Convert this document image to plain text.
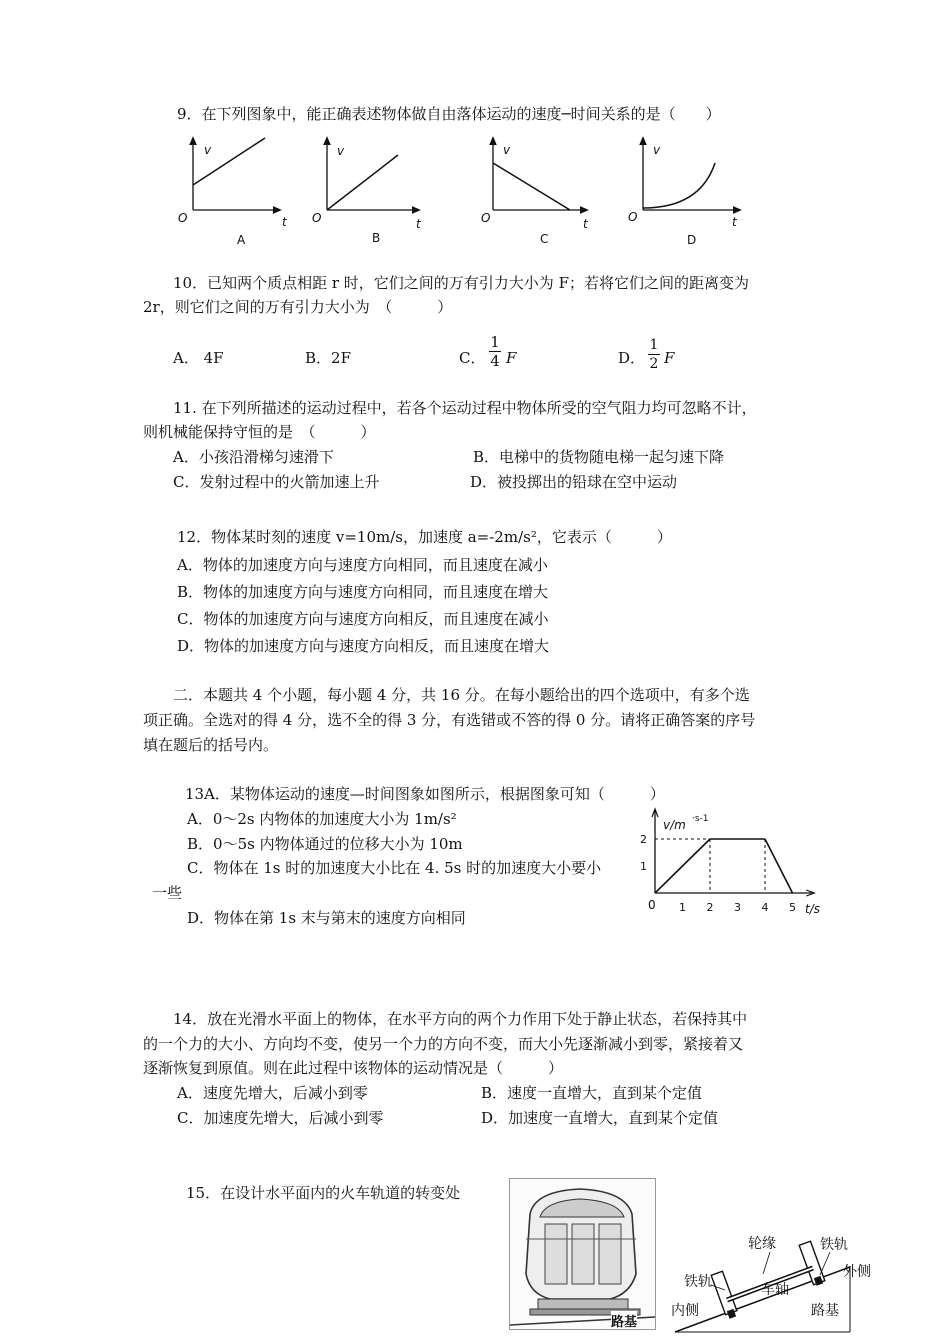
9．在下列图象中，能正确表述物体做自由落体运动的速度─时间关系的是（　　）
v
O	t
A
v
O	t
B
v
O	t
C
v
O	t
D
10．已知两个质点相距 r 时，它们之间的万有引力大小为 F；若将它们之间的距离变为
2r，则它们之间的万有引力大小为　（　　　）
A． 4F	B．2F	C．
1
4 F	D．
1
2 F
11. 在下列所描述的运动过程中，若各个运动过程中物体所受的空气阻力均可忽略不计，
则机械能保持守恒的是　（　　　）
A．小孩沿滑梯匀速滑下	B．电梯中的货物随电梯一起匀速下降
C．发射过程中的火箭加速上升	D．被投掷出的铅球在空中运动
12．物体某时刻的速度 v=10m/s，加速度 a=-2m/s²，它表示（　　　）
A．物体的加速度方向与速度方向相同，而且速度在减小
B．物体的加速度方向与速度方向相同，而且速度在增大
C．物体的加速度方向与速度方向相反，而且速度在减小
D．物体的加速度方向与速度方向相反，而且速度在增大
二．本题共 4 个小题，每小题 4 分，共 16 分。在每小题给出的四个选项中，有多个选
项正确。全选对的得 4 分，选不全的得 3 分，有选错或不答的得 0 分。请将正确答案的序号
填在题后的括号内。
13A．某物体运动的速度—时间图象如图所示，根据图象可知（　　　）
A．0～2s 内物体的加速度大小为 1m/s²
B．0～5s 内物体通过的位移大小为 10m
C．物体在 1s 时的加速度大小比在 4. 5s 时的加速度大小要小
一些
D．物体在第 1s 末与第末的速度方向相同
1 2 3 4 5
1
2
v/m ·s-1
t/s
0
14．放在光滑水平面上的物体，在水平方向的两个力作用下处于静止状态，若保持其中
的一个力的大小、方向均不变，使另一个力的方向不变，而大小先逐渐减小到零，紧接着又
逐渐恢复到原值。则在此过程中该物体的运动情况是（　　　）
A．速度先增大，后减小到零	B．速度一直增大，直到某个定值
C．加速度先增大，后减小到零	D．加速度一直增大，直到某个定值
15．在设计水平面内的火车轨道的转变处
路基
轮缘	铁轨
外侧
铁轨	车轴
内侧	路基
